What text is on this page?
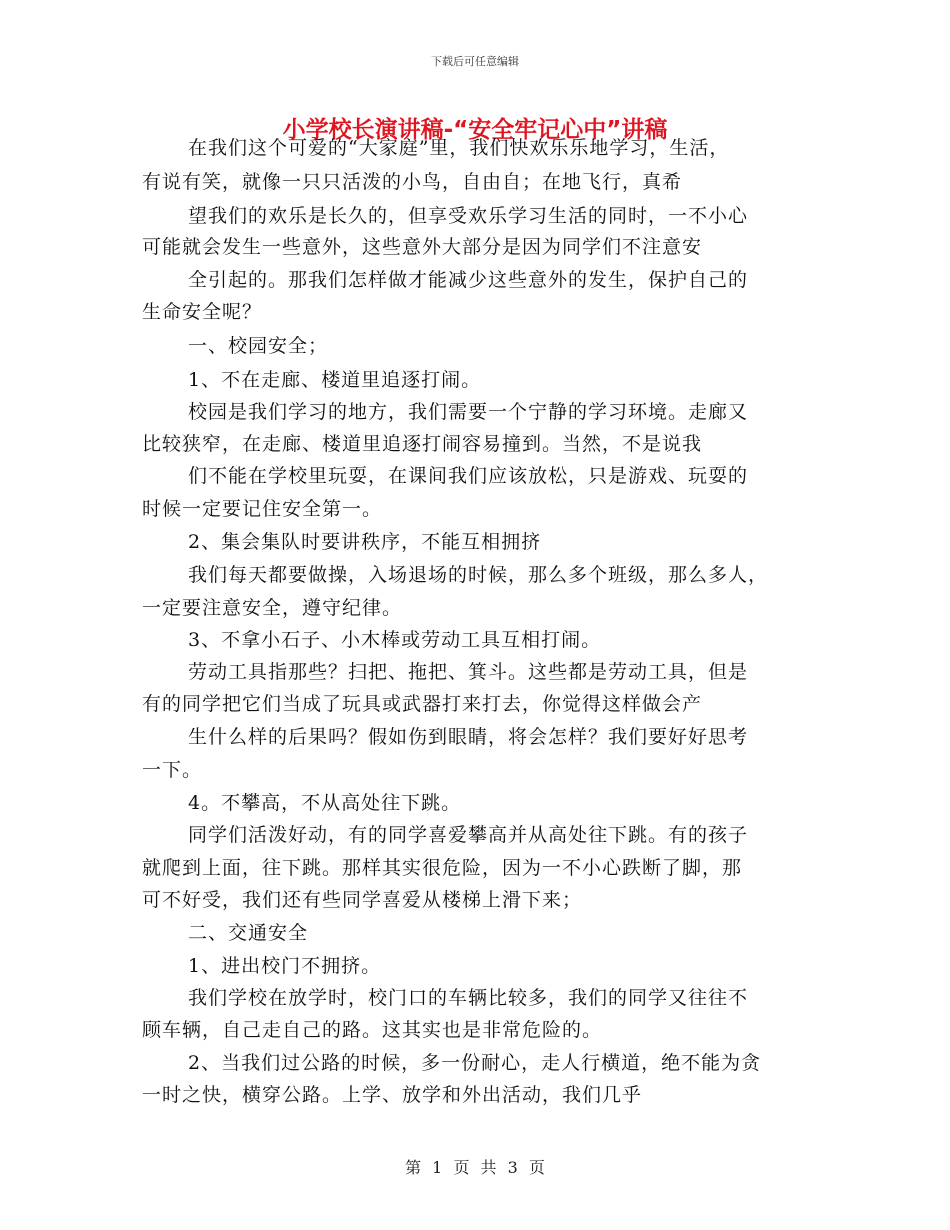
下载后可任意编辑
小学校长演讲稿-“安全牢记心中”讲稿
在我们这个可爱的“大家庭”里，我们快欢乐乐地学习，生活，
有说有笑，就像一只只活泼的小鸟，自由自；在地飞行，真希
望我们的欢乐是长久的，但享受欢乐学习生活的同时，一不小心
可能就会发生一些意外，这些意外大部分是因为同学们不注意安
全引起的。那我们怎样做才能减少这些意外的发生，保护自己的
生命安全呢？
一、校园安全；
1、不在走廊、楼道里追逐打闹。
校园是我们学习的地方，我们需要一个宁静的学习环境。走廊又
比较狭窄，在走廊、楼道里追逐打闹容易撞到。当然，不是说我
们不能在学校里玩耍，在课间我们应该放松，只是游戏、玩耍的
时候一定要记住安全第一。
2、集会集队时要讲秩序，不能互相拥挤
我们每天都要做操，入场退场的时候，那么多个班级，那么多人，
一定要注意安全，遵守纪律。
3、不拿小石子、小木棒或劳动工具互相打闹。
劳动工具指那些？扫把、拖把、箕斗。这些都是劳动工具，但是
有的同学把它们当成了玩具或武器打来打去，你觉得这样做会产
生什么样的后果吗？假如伤到眼睛，将会怎样？我们要好好思考
一下。
4。不攀高，不从高处往下跳。
同学们活泼好动，有的同学喜爱攀高并从高处往下跳。有的孩子
就爬到上面，往下跳。那样其实很危险，因为一不小心跌断了脚，那
可不好受，我们还有些同学喜爱从楼梯上滑下来；
二、交通安全
1、进出校门不拥挤。
我们学校在放学时，校门口的车辆比较多，我们的同学又往往不
顾车辆，自己走自己的路。这其实也是非常危险的。
2、当我们过公路的时候，多一份耐心，走人行横道，绝不能为贪
一时之快，横穿公路。上学、放学和外出活动，我们几乎
第 1 页 共 3 页
